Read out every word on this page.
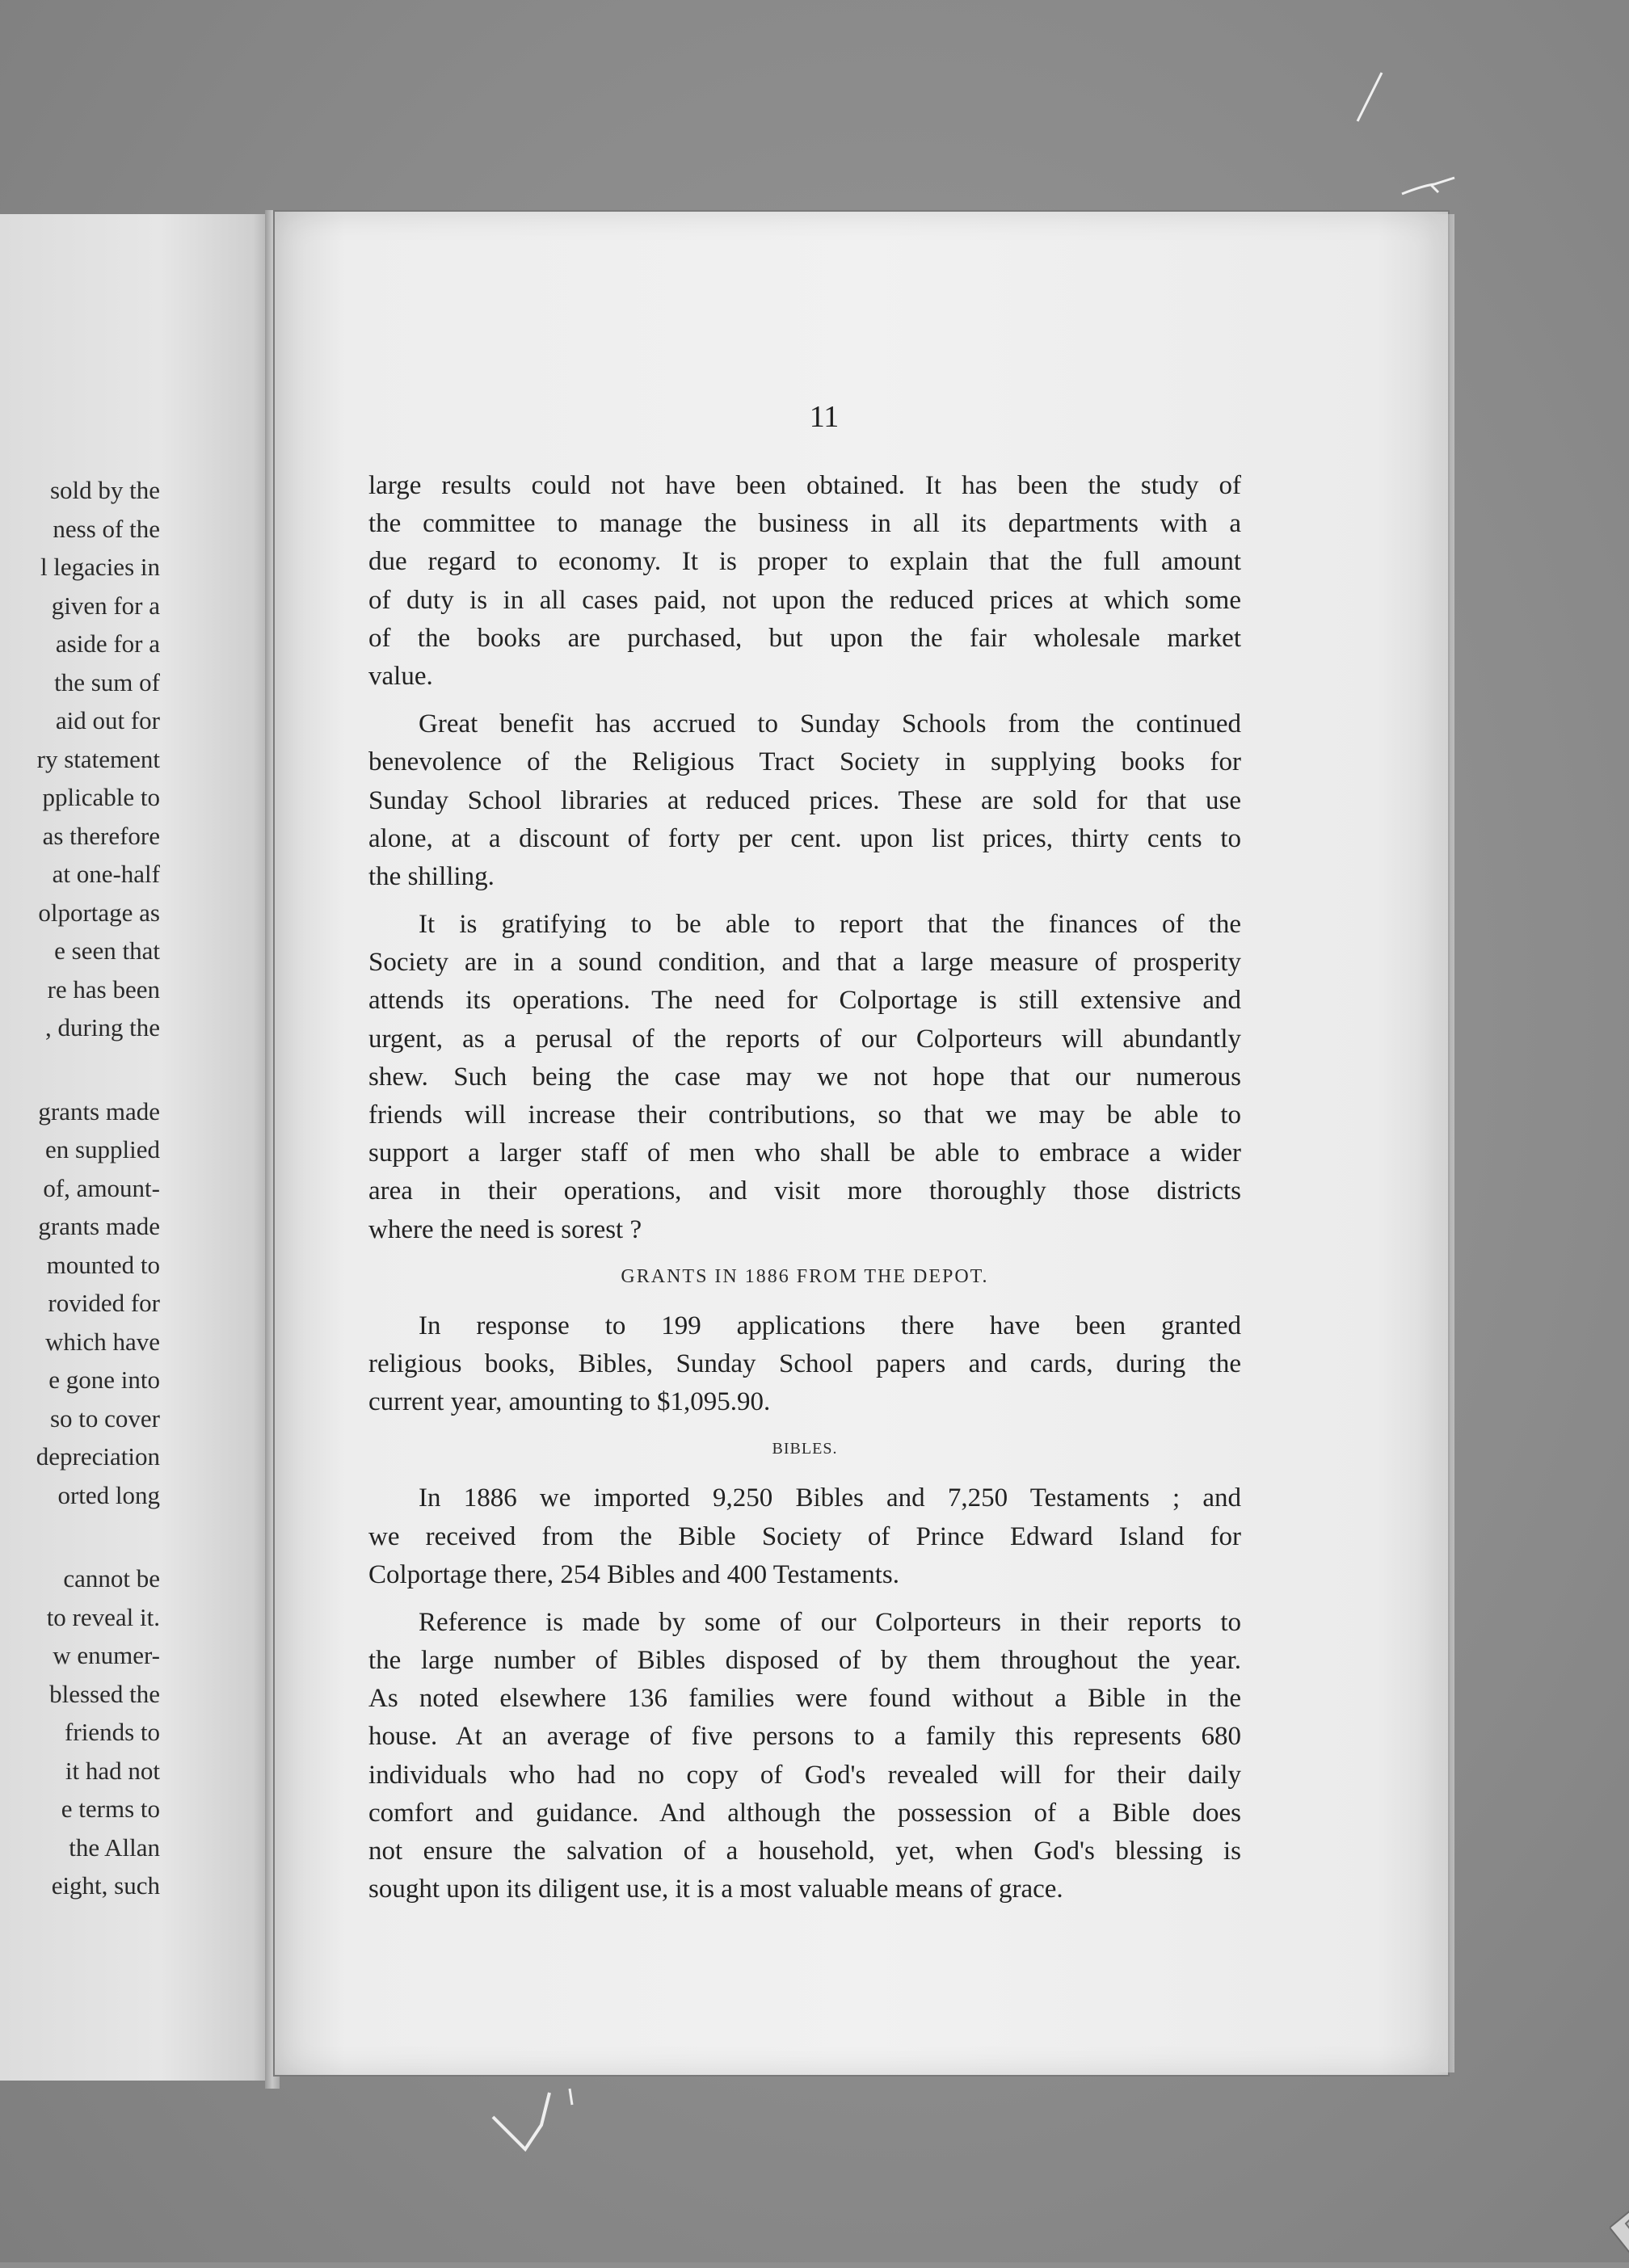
sold by the
ness of the
l legacies in
given for a
aside for a
the sum of
aid out for
ry statement
pplicable to
as therefore
at one-half
olportage as
e seen that
re has been
, during the
grants made
en supplied
of, amount-
grants made
mounted to
rovided for
which have
e gone into
so to cover
depreciation
orted long
cannot be
to reveal it.
w enumer-
blessed the
friends to
it had not
e terms to
the Allan
eight, such
11
large results could not have been obtained. It has been the study of
the committee to manage the business in all its departments with a
due regard to economy. It is proper to explain that the full amount
of duty is in all cases paid, not upon the reduced prices at which some
of the books are purchased, but upon the fair wholesale market
value.
Great benefit has accrued to Sunday Schools from the continued
benevolence of the Religious Tract Society in supplying books for
Sunday School libraries at reduced prices. These are sold for that use
alone, at a discount of forty per cent. upon list prices, thirty cents to
the shilling.
It is gratifying to be able to report that the finances of the
Society are in a sound condition, and that a large measure of prosperity
attends its operations. The need for Colportage is still extensive and
urgent, as a perusal of the reports of our Colporteurs will abundantly
shew. Such being the case may we not hope that our numerous
friends will increase their contributions, so that we may be able to
support a larger staff of men who shall be able to embrace a wider
area in their operations, and visit more thoroughly those districts
where the need is sorest ?
GRANTS IN 1886 FROM THE DEPOT.
In response to 199 applications there have been granted
religious books, Bibles, Sunday School papers and cards, during the
current year, amounting to $1,095.90.
BIBLES.
In 1886 we imported 9,250 Bibles and 7,250 Testaments ; and
we received from the Bible Society of Prince Edward Island for
Colportage there, 254 Bibles and 400 Testaments.
Reference is made by some of our Colporteurs in their reports to
the large number of Bibles disposed of by them throughout the year.
As noted elsewhere 136 families were found without a Bible in the
house. At an average of five persons to a family this represents 680
individuals who had no copy of God's revealed will for their daily
comfort and guidance. And although the possession of a Bible does
not ensure the salvation of a household, yet, when God's blessing is
sought upon its diligent use, it is a most valuable means of grace.
